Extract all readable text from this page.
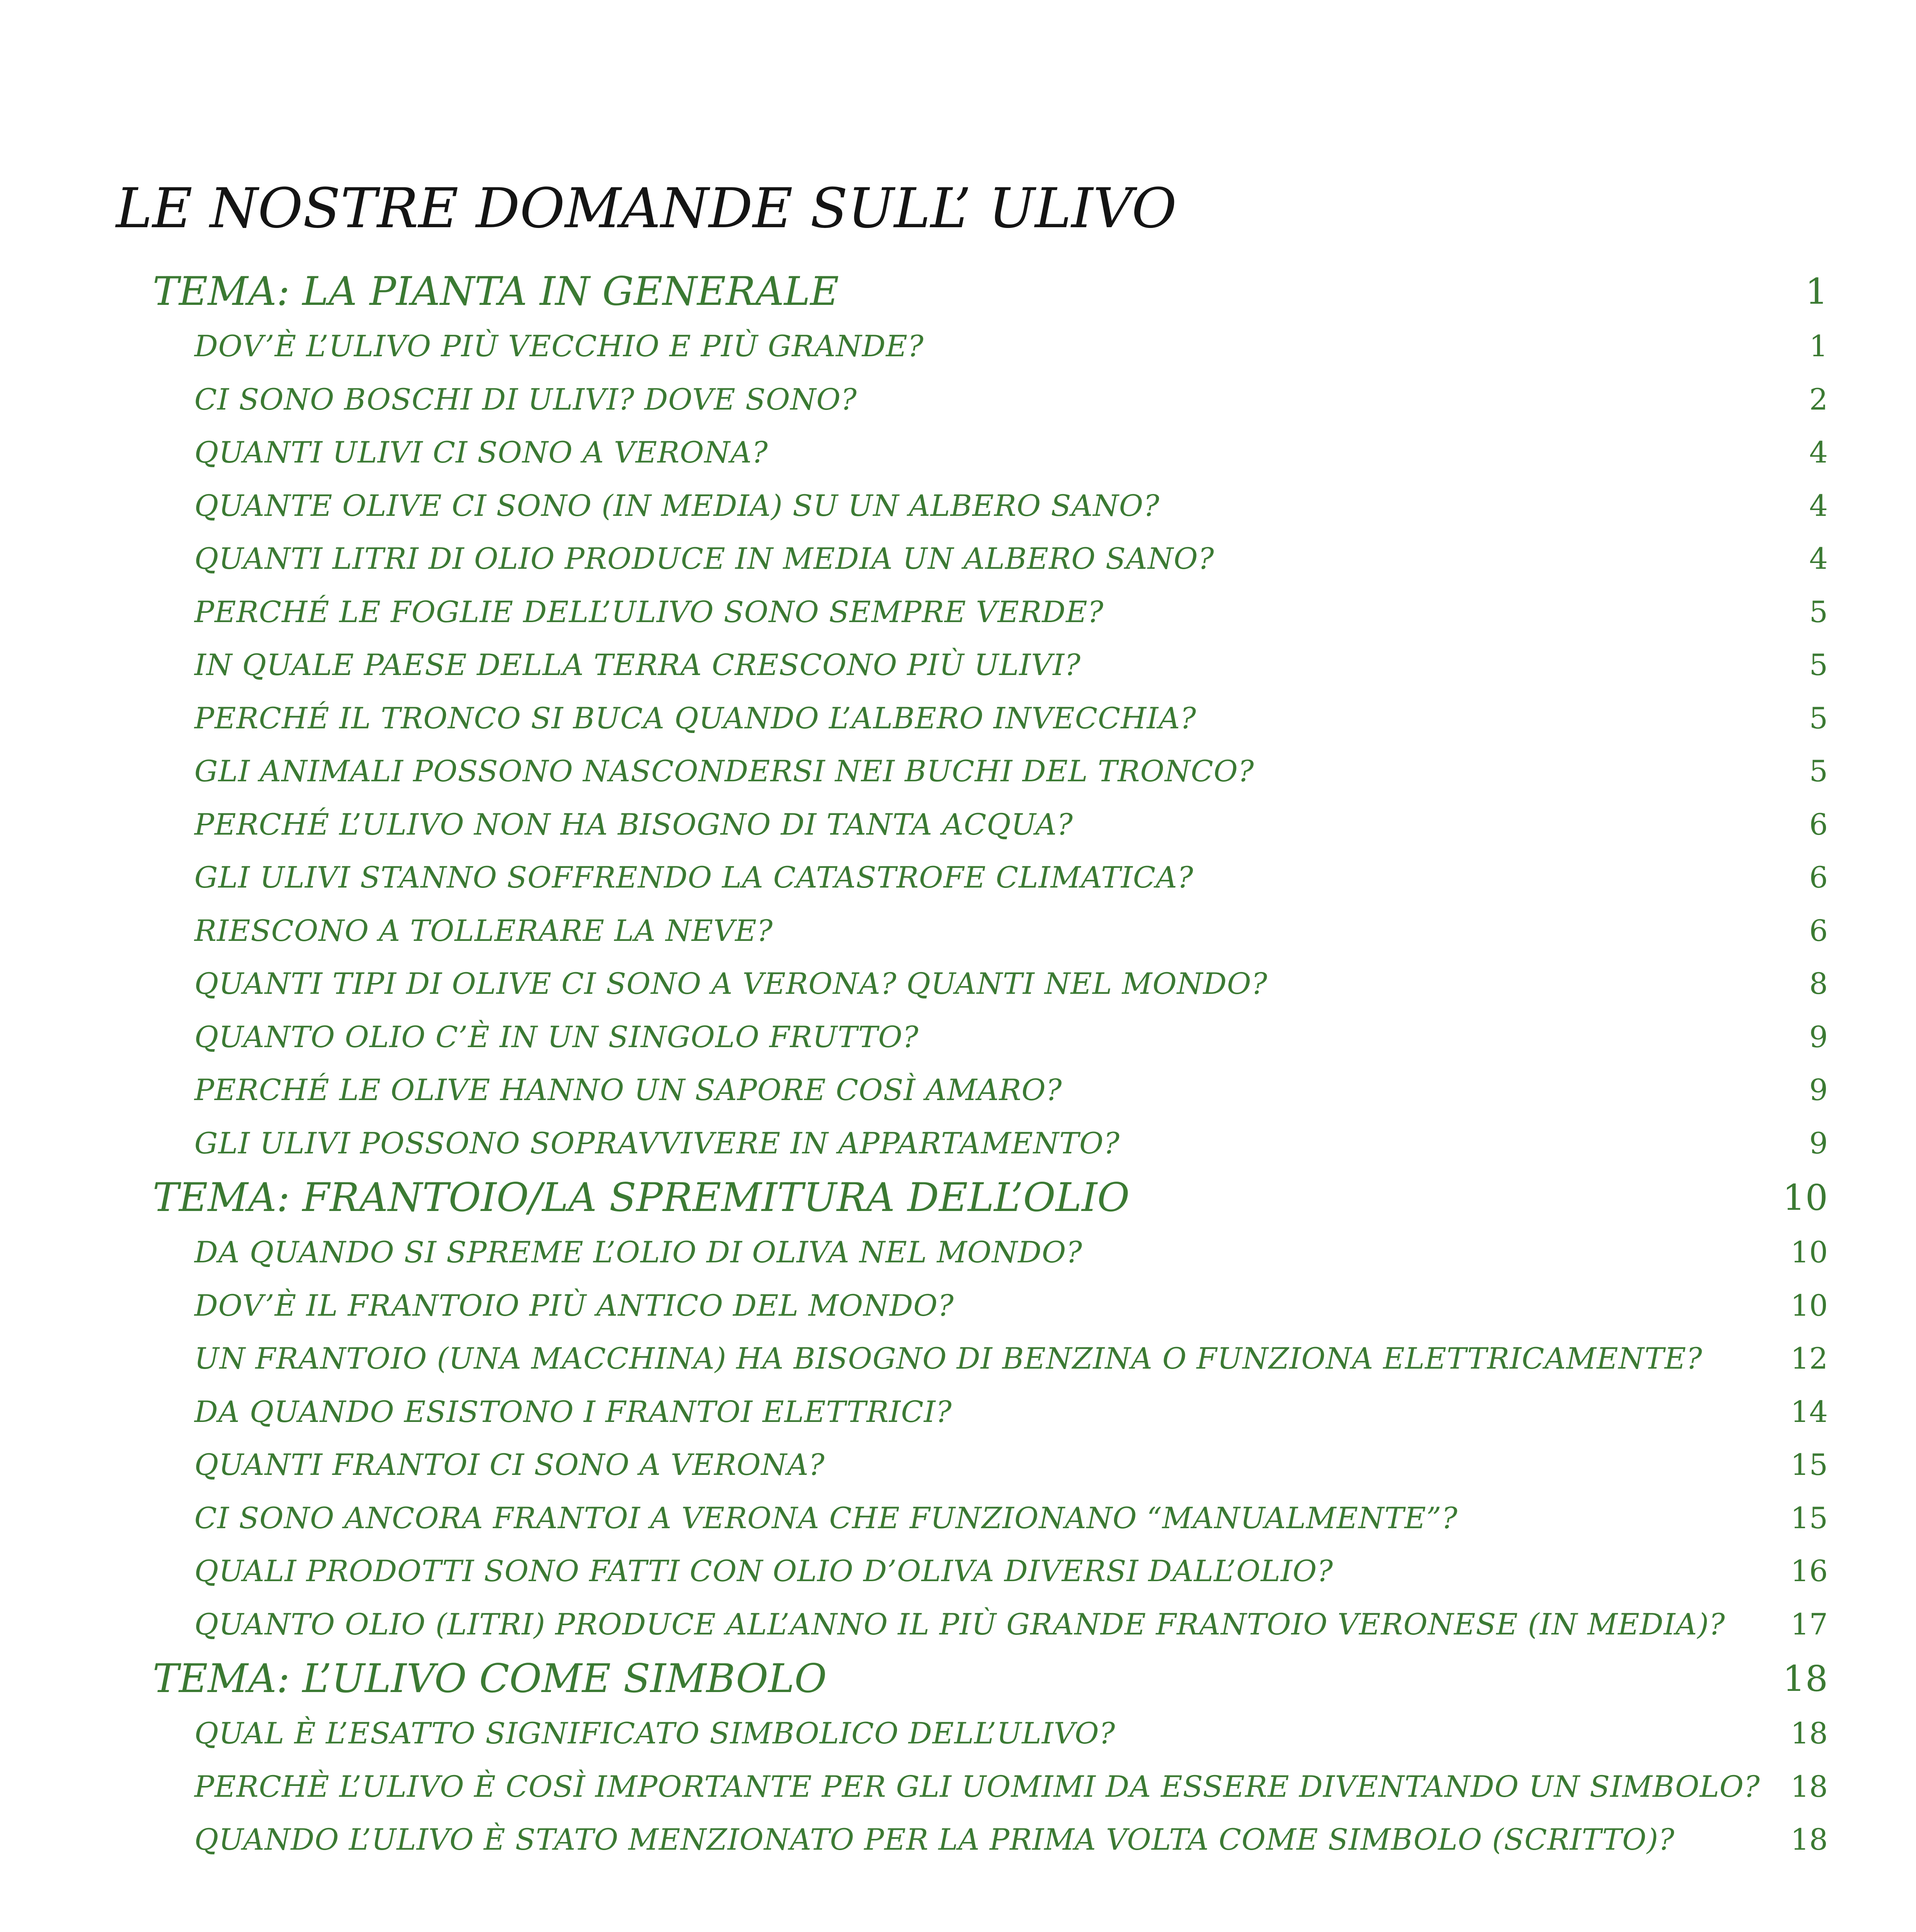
LE NOSTRE DOMANDE SULL’ ULIVO
TEMA: LA PIANTA IN GENERALE	1
DOV’È L’ULIVO PIÙ VECCHIO E PIÙ GRANDE?	1
CI SONO BOSCHI DI ULIVI? DOVE SONO?	2
QUANTI ULIVI CI SONO A VERONA?	4
QUANTE OLIVE CI SONO (IN MEDIA) SU UN ALBERO SANO?	4
QUANTI LITRI DI OLIO PRODUCE IN MEDIA UN ALBERO SANO?	4
PERCHÉ LE FOGLIE DELL’ULIVO SONO SEMPRE VERDE?	5
IN QUALE PAESE DELLA TERRA CRESCONO PIÙ ULIVI?	5
PERCHÉ IL TRONCO SI BUCA QUANDO L’ALBERO INVECCHIA?	5
GLI ANIMALI POSSONO NASCONDERSI NEI BUCHI DEL TRONCO?	5
PERCHÉ L’ULIVO NON HA BISOGNO DI TANTA ACQUA?	6
GLI ULIVI STANNO SOFFRENDO LA CATASTROFE CLIMATICA?	6
RIESCONO A TOLLERARE LA NEVE?	6
QUANTI TIPI DI OLIVE CI SONO A VERONA? QUANTI NEL MONDO?	8
QUANTO OLIO C’È IN UN SINGOLO FRUTTO?	9
PERCHÉ LE OLIVE HANNO UN SAPORE COSÌ AMARO?	9
GLI ULIVI POSSONO SOPRAVVIVERE IN APPARTAMENTO?	9
TEMA: FRANTOIO/LA SPREMITURA DELL’OLIO	10
DA QUANDO SI SPREME L’OLIO DI OLIVA NEL MONDO?	10
DOV’È IL FRANTOIO PIÙ ANTICO DEL MONDO?	10
UN FRANTOIO (UNA MACCHINA) HA BISOGNO DI BENZINA O FUNZIONA ELETTRICAMENTE?	12
DA QUANDO ESISTONO I FRANTOI ELETTRICI?	14
QUANTI FRANTOI CI SONO A VERONA?	15
CI SONO ANCORA FRANTOI A VERONA CHE FUNZIONANO “MANUALMENTE”?	15
QUALI PRODOTTI SONO FATTI CON OLIO D’OLIVA DIVERSI DALL’OLIO?	16
QUANTO OLIO (LITRI) PRODUCE ALL’ANNO IL PIÙ GRANDE FRANTOIO VERONESE (IN MEDIA)? 17
TEMA: L’ULIVO COME SIMBOLO	18
QUAL È L’ESATTO SIGNIFICATO SIMBOLICO DELL’ULIVO?	18
PERCHÈ L’ULIVO È COSÌ IMPORTANTE PER GLI UOMIMI DA ESSERE DIVENTANDO UN SIMBOLO? 18
QUANDO L’ULIVO È STATO MENZIONATO PER LA PRIMA VOLTA COME SIMBOLO (SCRITTO)?	18
